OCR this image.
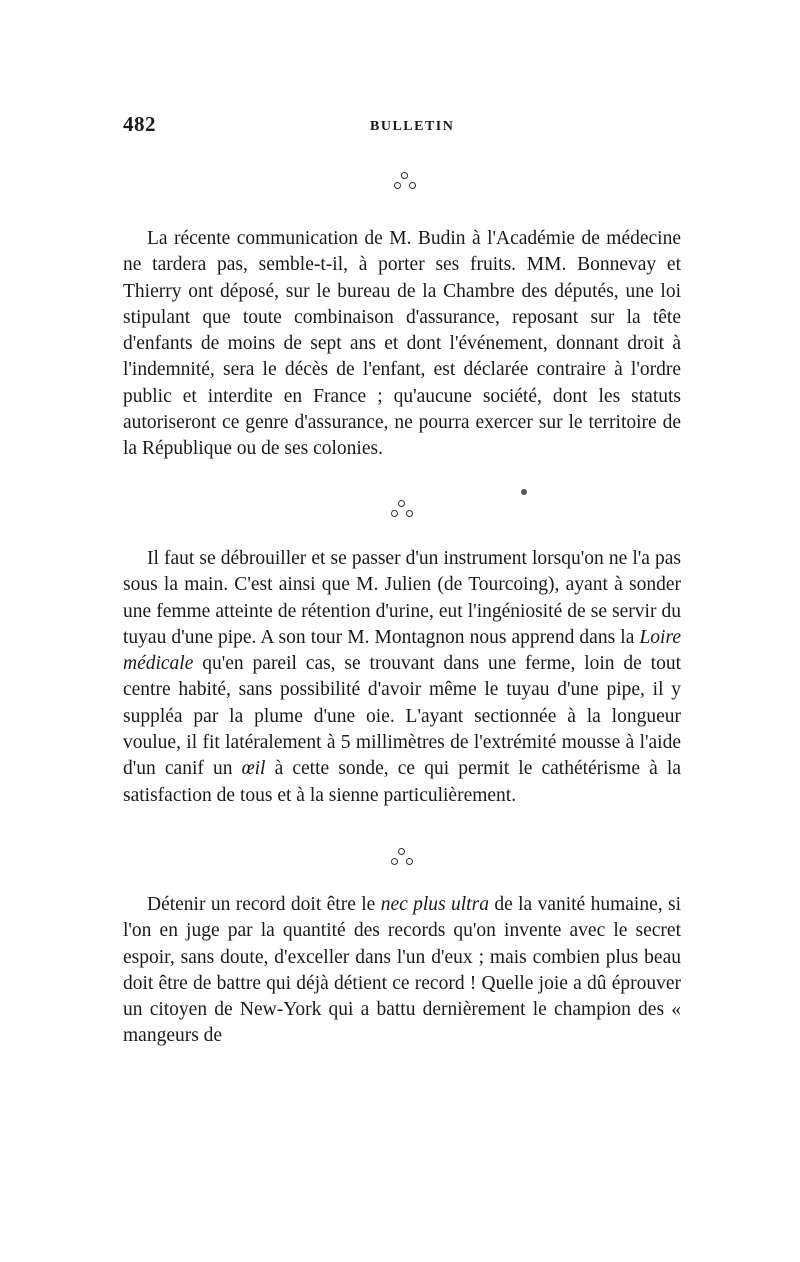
482	BULLETIN

La récente communication de M. Budin à l'Académie de médecine ne tardera pas, semble-t-il, à porter ses fruits. MM. Bonnevay et Thierry ont déposé, sur le bureau de la Chambre des députés, une loi stipulant que toute combinaison d'assurance, reposant sur la tête d'enfants de moins de sept ans et dont l'événement, donnant droit à l'indemnité, sera le décès de l'enfant, est déclarée contraire à l'ordre public et interdite en France ; qu'aucune société, dont les statuts autoriseront ce genre d'assurance, ne pourra exercer sur le territoire de la République ou de ses colonies.

Il faut se débrouiller et se passer d'un instrument lorsqu'on ne l'a pas sous la main. C'est ainsi que M. Julien (de Tourcoing), ayant à sonder une femme atteinte de rétention d'urine, eut l'ingéniosité de se servir du tuyau d'une pipe. A son tour M. Montagnon nous apprend dans la Loire médicale qu'en pareil cas, se trouvant dans une ferme, loin de tout centre habité, sans possibilité d'avoir même le tuyau d'une pipe, il y suppléa par la plume d'une oie. L'ayant sectionnée à la longueur voulue, il fit latéralement à 5 millimètres de l'extrémité mousse à l'aide d'un canif un œil à cette sonde, ce qui permit le cathétérisme à la satisfaction de tous et à la sienne particulièrement.

Détenir un record doit être le nec plus ultra de la vanité humaine, si l'on en juge par la quantité des records qu'on invente avec le secret espoir, sans doute, d'exceller dans l'un d'eux ; mais combien plus beau doit être de battre qui déjà détient ce record ! Quelle joie a dû éprouver un citoyen de New-York qui a battu dernièrement le champion des « mangeurs de
